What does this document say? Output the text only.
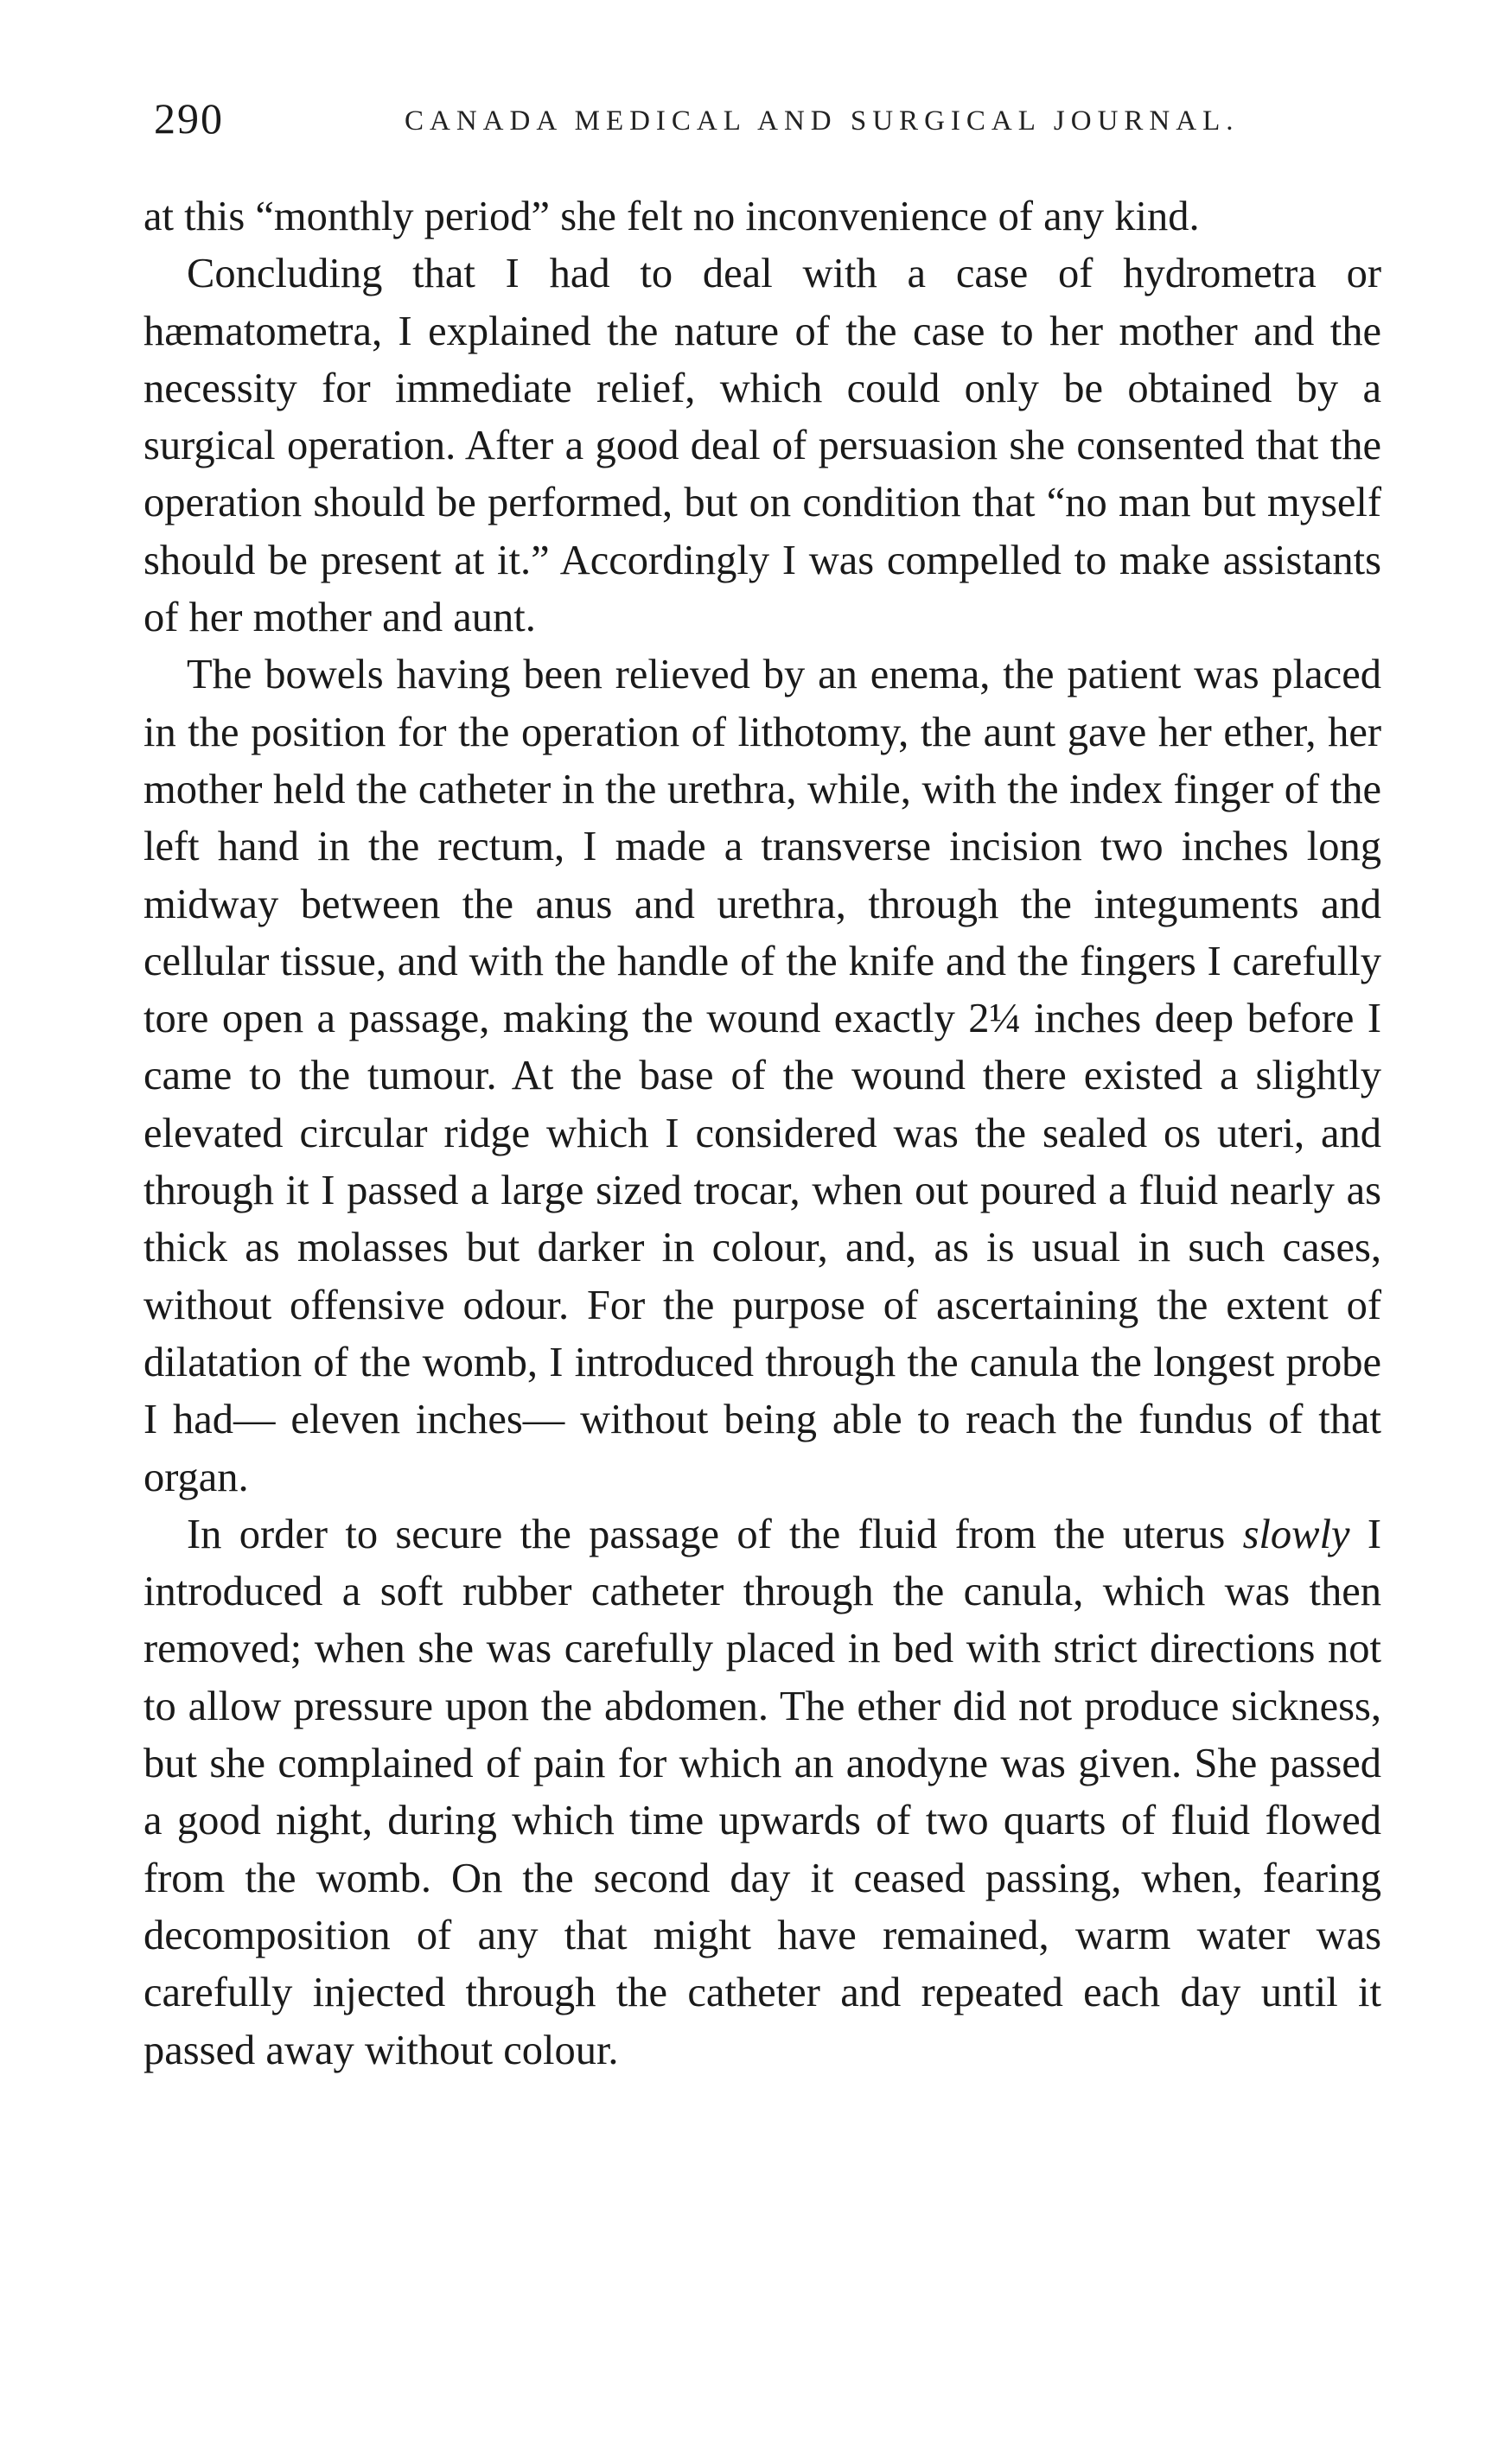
290	CANADA MEDICAL AND SURGICAL JOURNAL.

at this “monthly period” she felt no inconvenience of any kind.

Concluding that I had to deal with a case of hydrometra or hæmatometra, I explained the nature of the case to her mother and the necessity for immediate relief, which could only be obtained by a surgical operation. After a good deal of persuasion she consented that the operation should be performed, but on condition that “no man but myself should be present at it.” Accordingly I was compelled to make assistants of her mother and aunt.

The bowels having been relieved by an enema, the patient was placed in the position for the operation of lithotomy, the aunt gave her ether, her mother held the catheter in the urethra, while, with the index finger of the left hand in the rectum, I made a transverse incision two inches long midway between the anus and urethra, through the integuments and cellular tissue, and with the handle of the knife and the fingers I carefully tore open a passage, making the wound exactly 2¼ inches deep before I came to the tumour. At the base of the wound there existed a slightly elevated circular ridge which I considered was the sealed os uteri, and through it I passed a large sized trocar, when out poured a fluid nearly as thick as molasses but darker in colour, and, as is usual in such cases, without offensive odour. For the purpose of ascertaining the extent of dilatation of the womb, I introduced through the canula the longest probe I had— eleven inches— without being able to reach the fundus of that organ.

In order to secure the passage of the fluid from the uterus slowly I introduced a soft rubber catheter through the canula, which was then removed; when she was carefully placed in bed with strict directions not to allow pressure upon the abdomen. The ether did not produce sickness, but she complained of pain for which an anodyne was given. She passed a good night, during which time upwards of two quarts of fluid flowed from the womb. On the second day it ceased passing, when, fearing decomposition of any that might have remained, warm water was carefully injected through the catheter and repeated each day until it passed away without colour.
